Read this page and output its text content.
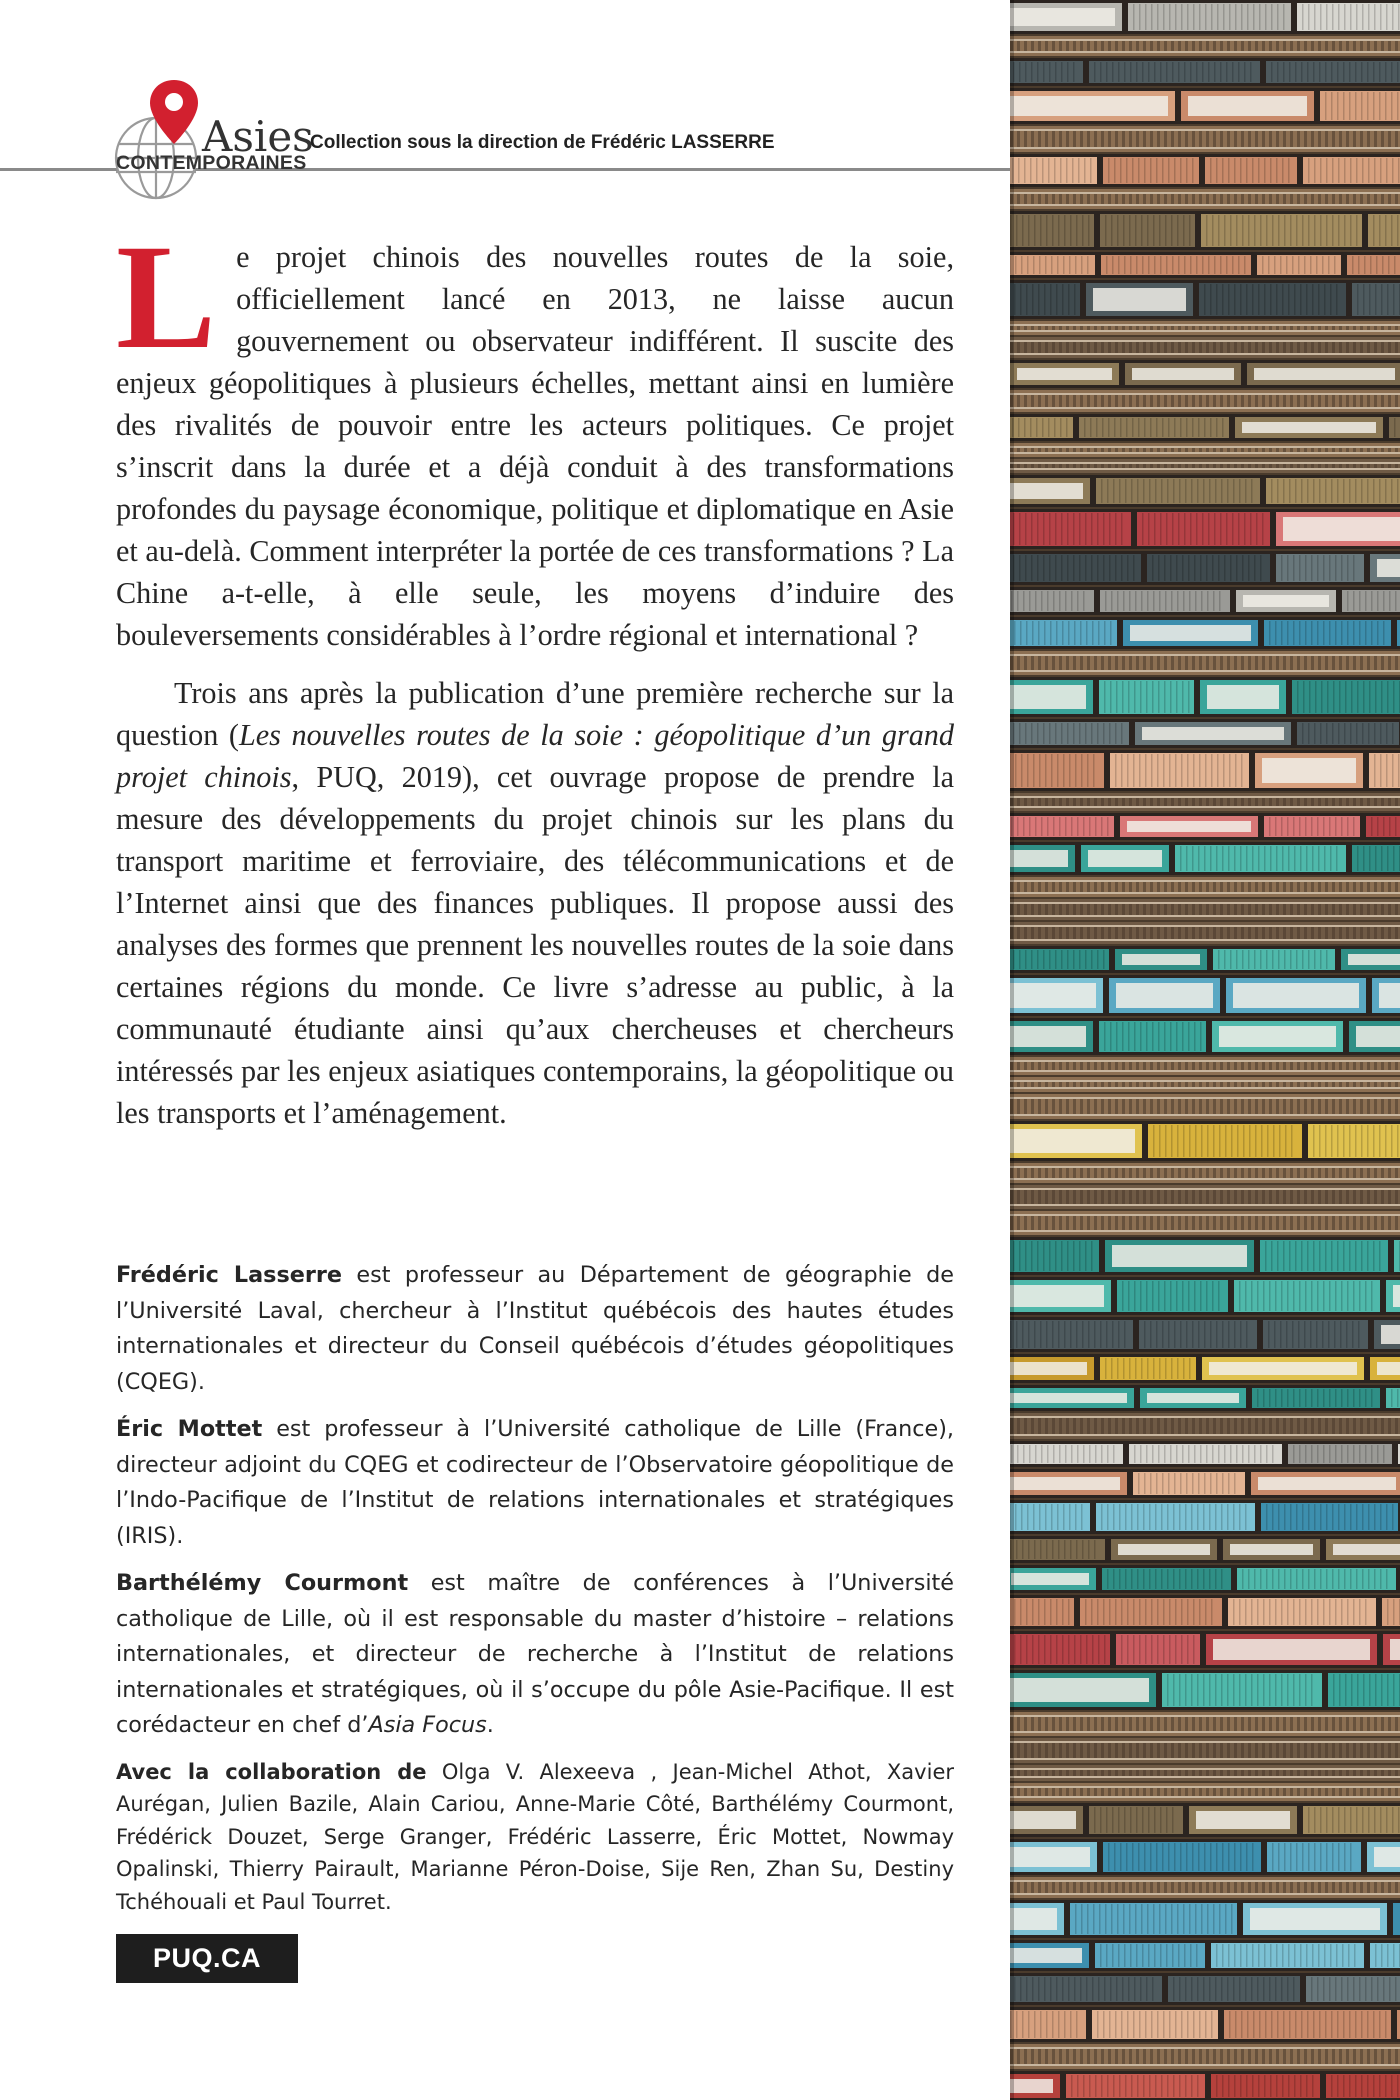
Asies
CONTEMPORAINES
Collection sous la direction de Frédéric LASSERRE

Le projet chinois des nouvelles routes de la soie, officiellement lancé en 2013, ne laisse aucun gouvernement ou observateur indifférent. Il suscite des enjeux géopolitiques à plusieurs échelles, mettant ainsi en lumière des rivalités de pouvoir entre les acteurs politiques. Ce projet s’inscrit dans la durée et a déjà conduit à des transformations profondes du paysage économique, politique et diplomatique en Asie et au-delà. Comment interpréter la portée de ces transformations ? La Chine a-t-elle, à elle seule, les moyens d’induire des bouleversements considérables à l’ordre régional et international ?

Trois ans après la publication d’une première recherche sur la question (Les nouvelles routes de la soie : géopolitique d’un grand projet chinois, PUQ, 2019), cet ouvrage propose de prendre la mesure des développements du projet chinois sur les plans du transport maritime et ferroviaire, des télécommunications et de l’Internet ainsi que des finances publiques. Il propose aussi des analyses des formes que prennent les nouvelles routes de la soie dans certaines régions du monde. Ce livre s’adresse au public, à la communauté étudiante ainsi qu’aux chercheuses et chercheurs intéressés par les enjeux asiatiques contemporains, la géopolitique ou les transports et l’aménagement.

Frédéric Lasserre est professeur au Département de géographie de l’Université Laval, chercheur à l’Institut québécois des hautes études internationales et directeur du Conseil québécois d’études géopolitiques (CQEG).

Éric Mottet est professeur à l’Université catholique de Lille (France), directeur adjoint du CQEG et codirecteur de l’Observatoire géopolitique de l’Indo-Pacifique de l’Institut de relations internationales et stratégiques (IRIS).

Barthélémy Courmont est maître de conférences à l’Université catholique de Lille, où il est responsable du master d’histoire – relations internationales, et directeur de recherche à l’Institut de relations internationales et stratégiques, où il s’occupe du pôle Asie-Pacifique. Il est corédacteur en chef d’Asia Focus.

Avec la collaboration de Olga V. Alexeeva , Jean-Michel Athot, Xavier Aurégan, Julien Bazile, Alain Cariou, Anne-Marie Côté, Barthélémy Courmont, Frédérick Douzet, Serge Granger, Frédéric Lasserre, Éric Mottet, Nowmay Opalinski, Thierry Pairault, Marianne Péron-Doise, Sije Ren, Zhan Su, Destiny Tchéhouali et Paul Tourret.

PUQ.CA
